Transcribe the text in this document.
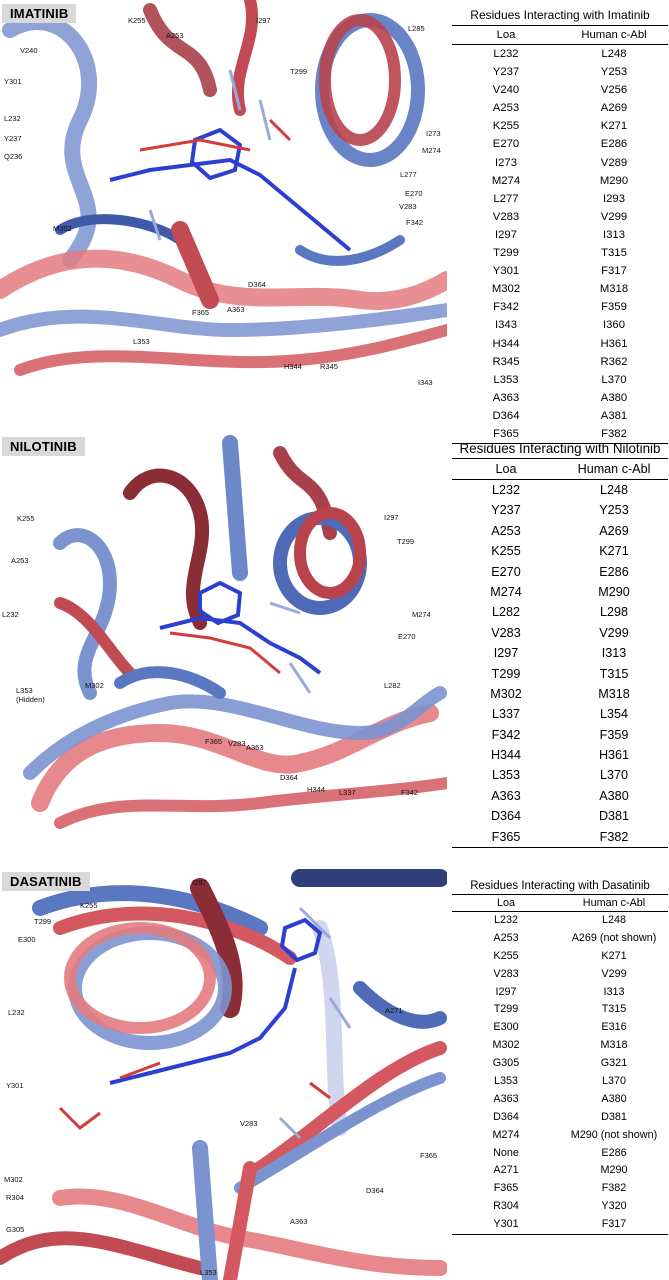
IMATINIB	K255	I297
L285
V240
A253
T299
Y301
L232
Y237
I273
M274
Q236
L277
E270
V283
M302
F342
D364
F365 A363
L353
H344 R345
I343
Residues Interacting with Imatinib
Loa	Human c-Abl
L232	L248
Y237	Y253
V240	V256
A253	A269
K255	K271
E270	E286
I273	V289
M274	M290
L277	I293
V283	V299
I297	I313
T299	T315
Y301	F317
M302	M318
F342	F359
I343	I360
H344	H361
R345	R362
L353	L370
A363	A380
D364	A381
F365	F382
NILOTINIB
K255	I297
T299
A253
L232	M274
E270
M302	L282
L353
(Hidden)
F365 V283 A363
D364
H344 L337	F342
Residues Interacting with Nilotinib
Loa	Human c-Abl
L232	L248
Y237	Y253
A253	A269
K255	K271
E270	E286
M274	M290
L282	L298
V283	V299
I297	I313
T299	T315
M302	M318
L337	L354
F342	F359
H344	H361
L353	L370
A363	A380
D364	D381
F365	F382
DASATINIB	I297
K255
T299
E300
L232	A271
Y301
V283
F365
D364
M302
R304
G305
A363
L353
Residues Interacting with Dasatinib
Loa	Human c-Abl
L232	L248
A253	A269 (not shown)
K255	K271
V283	V299
I297	I313
T299	T315
E300	E316
M302	M318
G305	G321
L353	L370
A363	A380
D364	D381
M274	M290 (not shown)
None	E286
A271	M290
F365	F382
R304	Y320
Y301	F317
